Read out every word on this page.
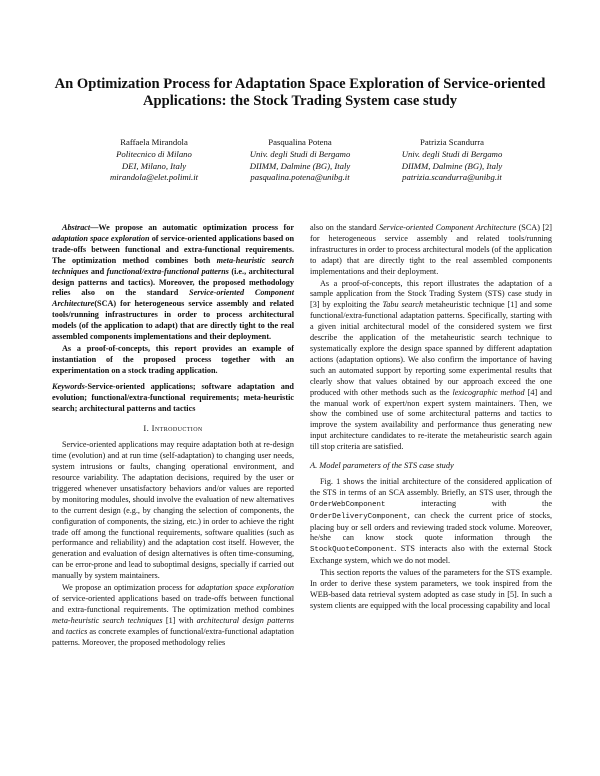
An Optimization Process for Adaptation Space Exploration of Service-oriented Applications: the Stock Trading System case study
Raffaela Mirandola
Politecnico di Milano
DEI, Milano, Italy
mirandola@elet.polimi.it
Pasqualina Potena
Univ. degli Studi di Bergamo
DIIMM, Dalmine (BG), Italy
pasqualina.potena@unibg.it
Patrizia Scandurra
Univ. degli Studi di Bergamo
DIIMM, Dalmine (BG), Italy
patrizia.scandurra@unibg.it

Abstract—We propose an automatic optimization process for adaptation space exploration of service-oriented applications based on trade-offs between functional and extra-functional requirements. The optimization method combines both meta-heuristic search techniques and functional/extra-functional patterns (i.e., architectural design patterns and tactics). Moreover, the proposed methodology relies also on the standard Service-oriented Component Architecture(SCA) for heterogeneous service assembly and related tools/running infrastructures in order to process architectural models (of the application to adapt) that are directly tight to the real assembled components implementations and their deployment.

As a proof-of-concepts, this report provides an example of instantiation of the proposed process together with an experimentation on a stock trading application.

Keywords-Service-oriented applications; software adaptation and evolution; functional/extra-functional requirements; meta-heuristic search; architectural patterns and tactics

I. Introduction

Service-oriented applications may require adaptation both at re-design time (evolution) and at run time (self-adaptation) to changing user needs, system intrusions or faults, changing operational environment, and resource variability. The adaptation decisions, required by the user or triggered whenever unsatisfactory behaviors and/or values are reported by monitoring modules, should involve the evaluation of new alternatives to the current design (e.g., by changing the selection of components, the configuration of components, the sizing, etc.) in order to achieve the right trade off among the functional requirements, software qualities (such as performance and reliability) and the adaptation cost itself. However, the generation and evaluation of design alternatives is often time-consuming, can be error-prone and lead to suboptimal designs, specially if carried out manually by system maintainers.

We propose an optimization process for adaptation space exploration of service-oriented applications based on trade-offs between functional and extra-functional requirements. The optimization method combines meta-heuristic search techniques [1] with architectural design patterns and tactics as concrete examples of functional/extra-functional adaptation patterns. Moreover, the proposed methodology relies

also on the standard Service-oriented Component Architecture (SCA) [2] for heterogeneous service assembly and related tools/running infrastructures in order to process architectural models (of the application to adapt) that are directly tight to the real assembled components implementations and their deployment.

As a proof-of-concepts, this report illustrates the adaptation of a sample application from the Stock Trading System (STS) case study in [3] by exploiting the Tabu search metaheuristic technique [1] and some functional/extra-functional adaptation patterns. Specifically, starting with a given initial architectural model of the considered system we first describe the application of the metaheuristic search technique to systematically explore the design space spanned by different adaptation actions (adaptation options). We also confirm the importance of having such an automated support by reporting some experimental results that clearly show that values obtained by our approach exceed the one produced with other methods such as the lexicographic method [4] and the manual work of expert/non expert system maintainers. Then, we show the combined use of some architectural patterns and tactics to improve the system availability and performance thus generating new input architecture candidates to re-iterate the metaheuristic search again till stop criteria are satisfied.

A. Model parameters of the STS case study

Fig. 1 shows the initial architecture of the considered application of the STS in terms of an SCA assembly. Briefly, an STS user, through the OrderWebComponent interacting with the OrderDeliveryComponent, can check the current price of stocks, placing buy or sell orders and reviewing traded stock volume. Moreover, he/she can know stock quote information through the StockQuoteComponent. STS interacts also with the external Stock Exchange system, which we do not model.

This section reports the values of the parameters for the STS example. In order to derive these system parameters, we took inspired from the WEB-based data retrieval system adopted as case study in [5]. In such a system clients are equipped with the local processing capability and local
